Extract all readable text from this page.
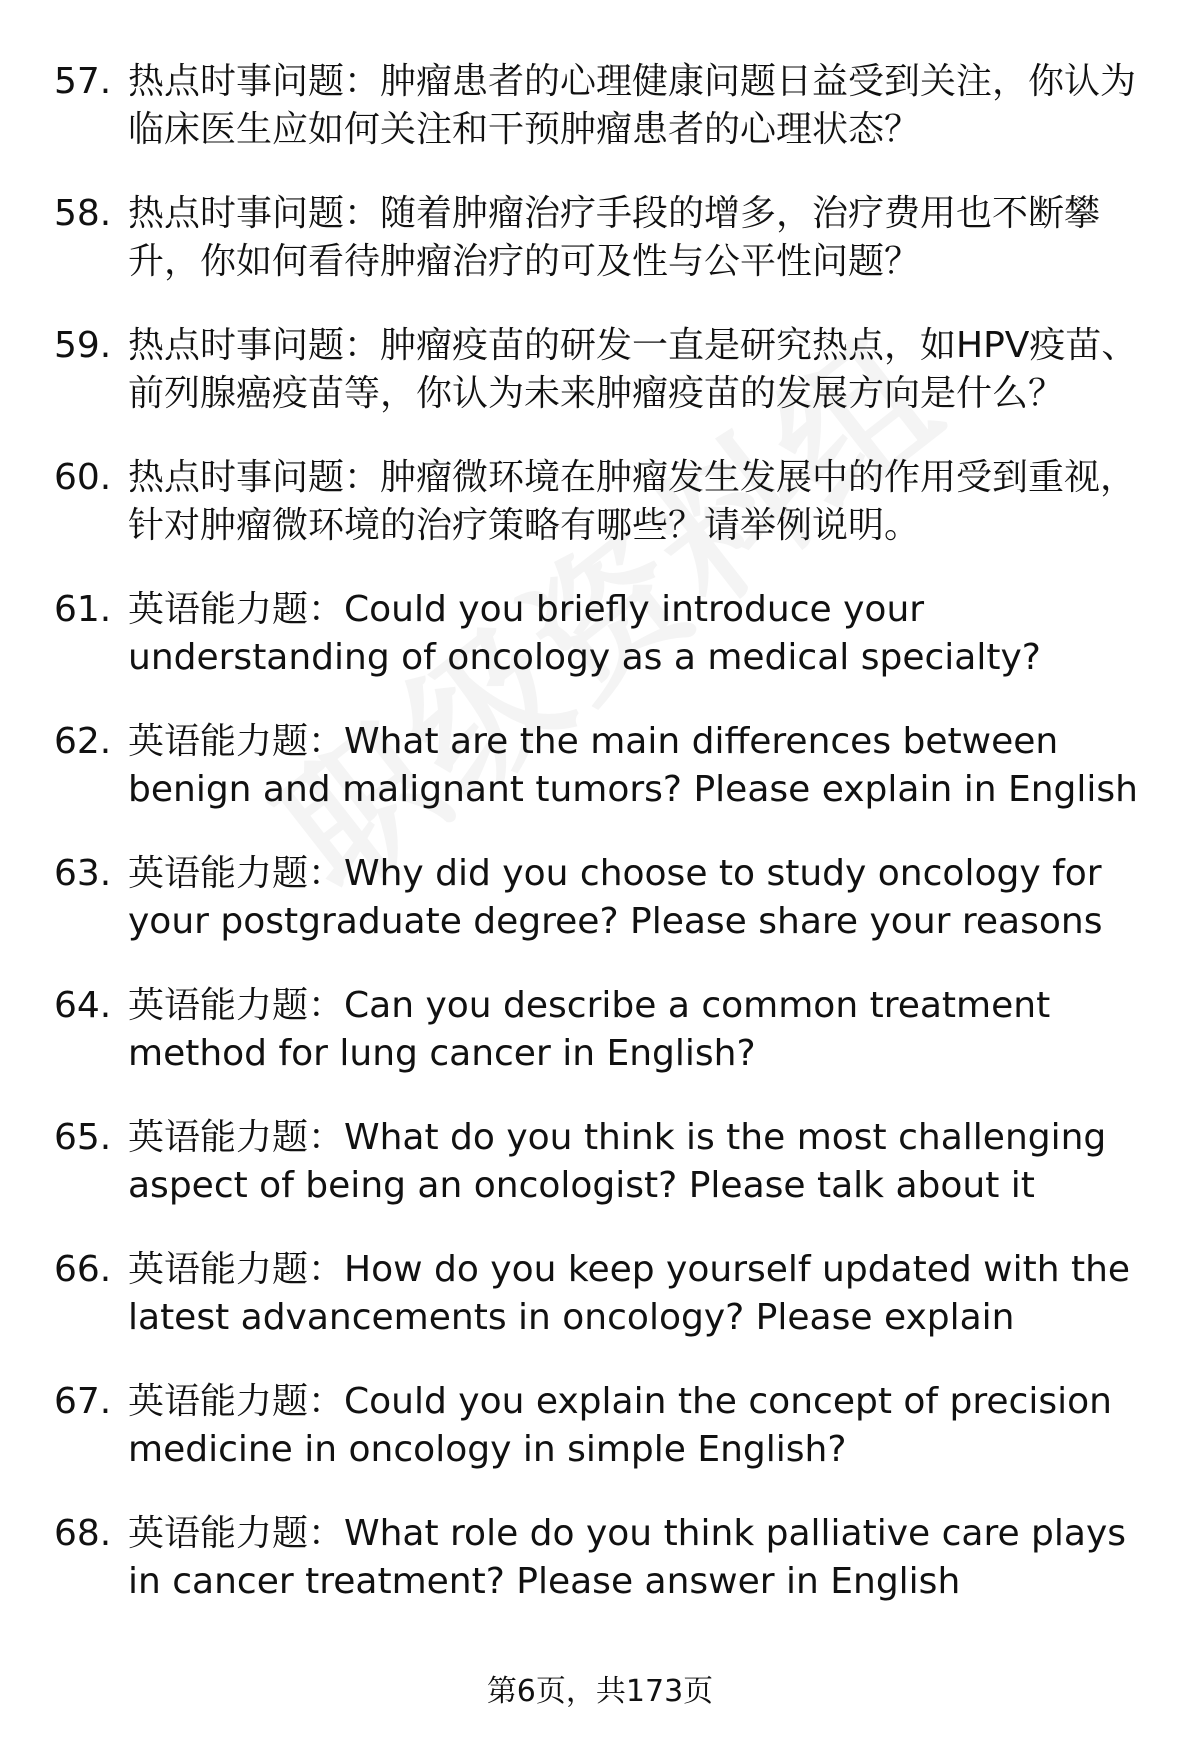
57. 热点时事问题：肿瘤患者的心理健康问题日益受到关注，你认为临床医生应如何关注和干预肿瘤患者的心理状态？

58. 热点时事问题：随着肿瘤治疗手段的增多，治疗费用也不断攀升，你如何看待肿瘤治疗的可及性与公平性问题？

59. 热点时事问题：肿瘤疫苗的研发一直是研究热点，如HPV疫苗、前列腺癌疫苗等，你认为未来肿瘤疫苗的发展方向是什么？

60. 热点时事问题：肿瘤微环境在肿瘤发生发展中的作用受到重视，针对肿瘤微环境的治疗策略有哪些？请举例说明。

61. 英语能力题：Could you briefly introduce your understanding of oncology as a medical specialty?

62. 英语能力题：What are the main differences between benign and malignant tumors? Please explain in English

63. 英语能力题：Why did you choose to study oncology for your postgraduate degree? Please share your reasons

64. 英语能力题：Can you describe a common treatment method for lung cancer in English?

65. 英语能力题：What do you think is the most challenging aspect of being an oncologist? Please talk about it

66. 英语能力题：How do you keep yourself updated with the latest advancements in oncology? Please explain

67. 英语能力题：Could you explain the concept of precision medicine in oncology in simple English?

68. 英语能力题：What role do you think palliative care plays in cancer treatment? Please answer in English

第6页，共173页
